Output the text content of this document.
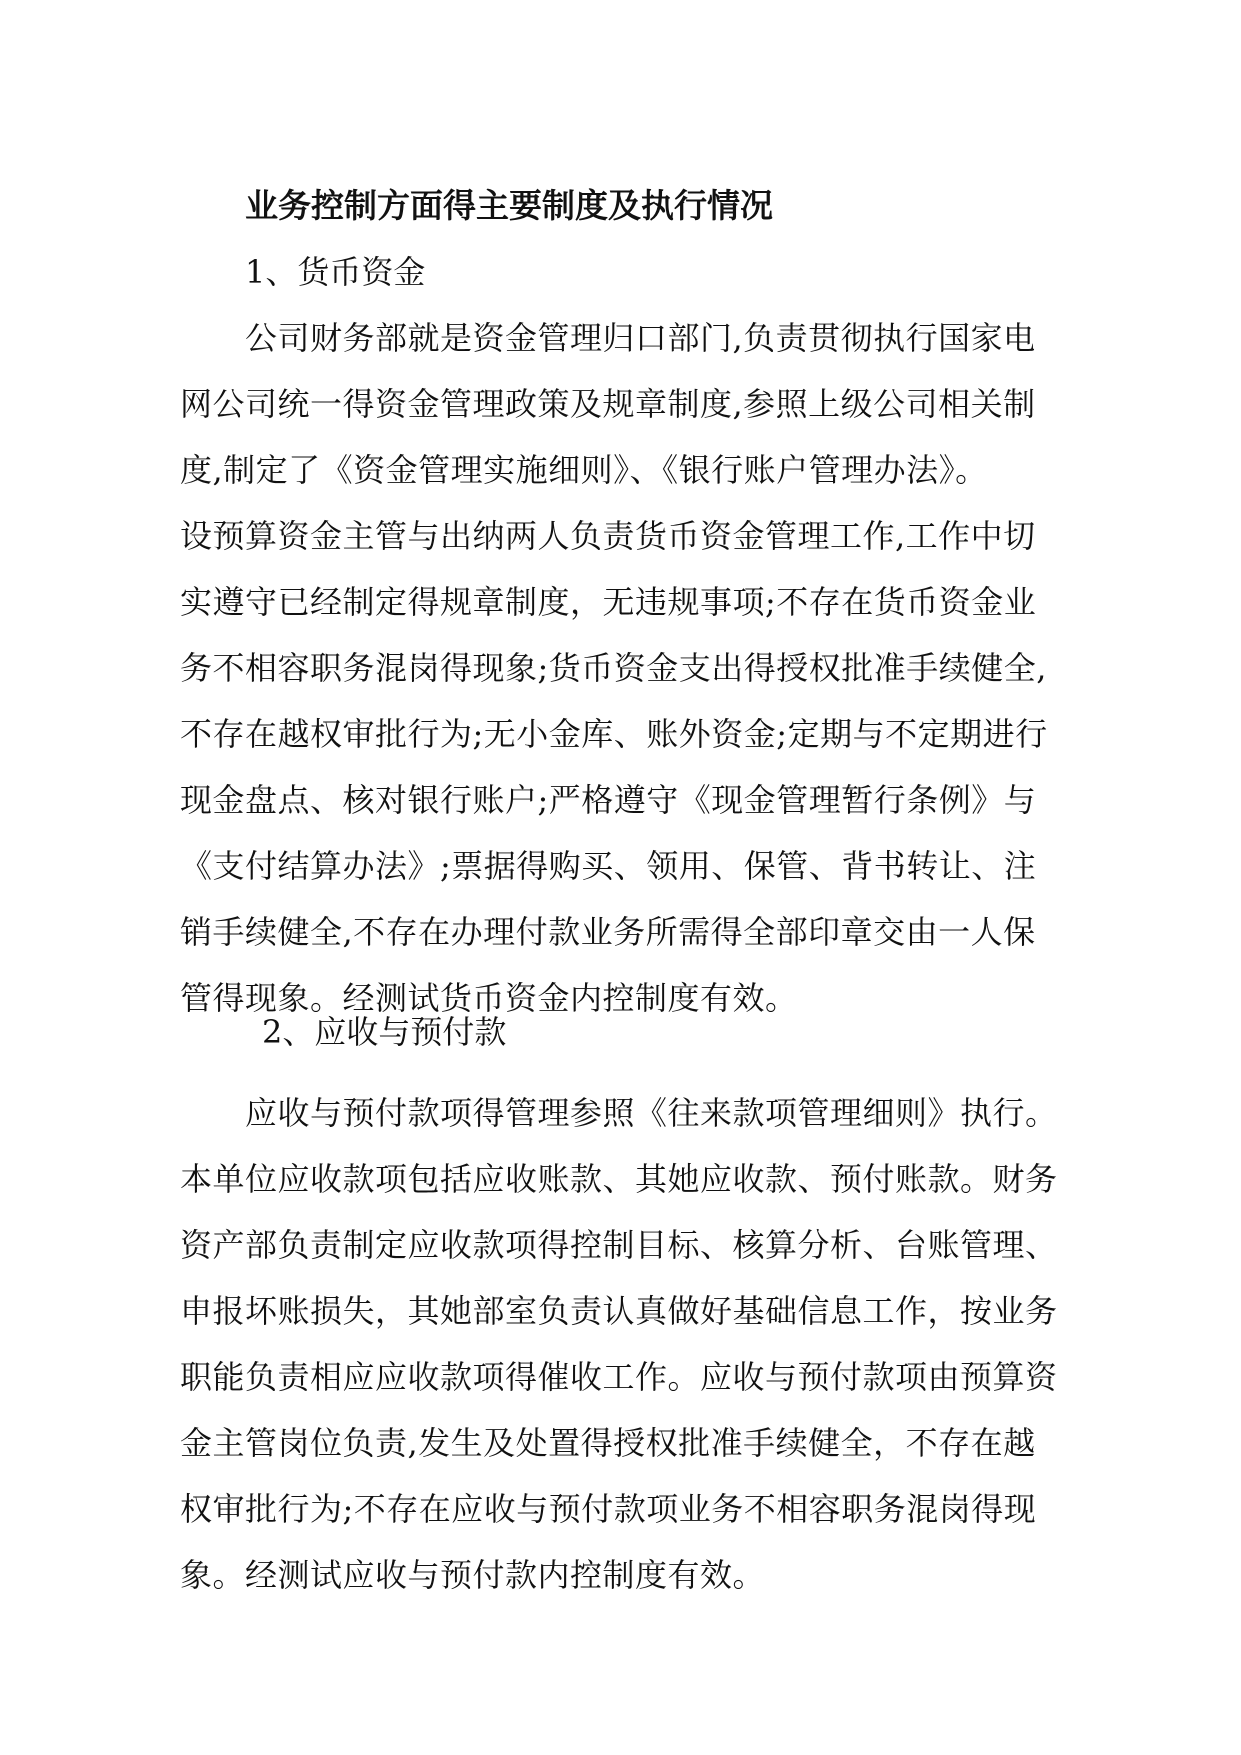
业务控制方面得主要制度及执行情况
1、货币资金
公司财务部就是资金管理归口部门,负责贯彻执行国家电
网公司统一得资金管理政策及规章制度,参照上级公司相关制
度,制定了《资金管理实施细则》、《银行账户管理办法》。
设预算资金主管与出纳两人负责货币资金管理工作,工作中切
实遵守已经制定得规章制度，无违规事项;不存在货币资金业
务不相容职务混岗得现象;货币资金支出得授权批准手续健全,
不存在越权审批行为;无小金库、账外资金;定期与不定期进行
现金盘点、核对银行账户;严格遵守《现金管理暂行条例》与
《支付结算办法》;票据得购买、领用、保管、背书转让、注
销手续健全,不存在办理付款业务所需得全部印章交由一人保
管得现象。经测试货币资金内控制度有效。
2、应收与预付款
应收与预付款项得管理参照《往来款项管理细则》执行。
本单位应收款项包括应收账款、其她应收款、预付账款。财务
资产部负责制定应收款项得控制目标、核算分析、台账管理、
申报坏账损失，其她部室负责认真做好基础信息工作，按业务
职能负责相应应收款项得催收工作。应收与预付款项由预算资
金主管岗位负责,发生及处置得授权批准手续健全，不存在越
权审批行为;不存在应收与预付款项业务不相容职务混岗得现
象。经测试应收与预付款内控制度有效。
